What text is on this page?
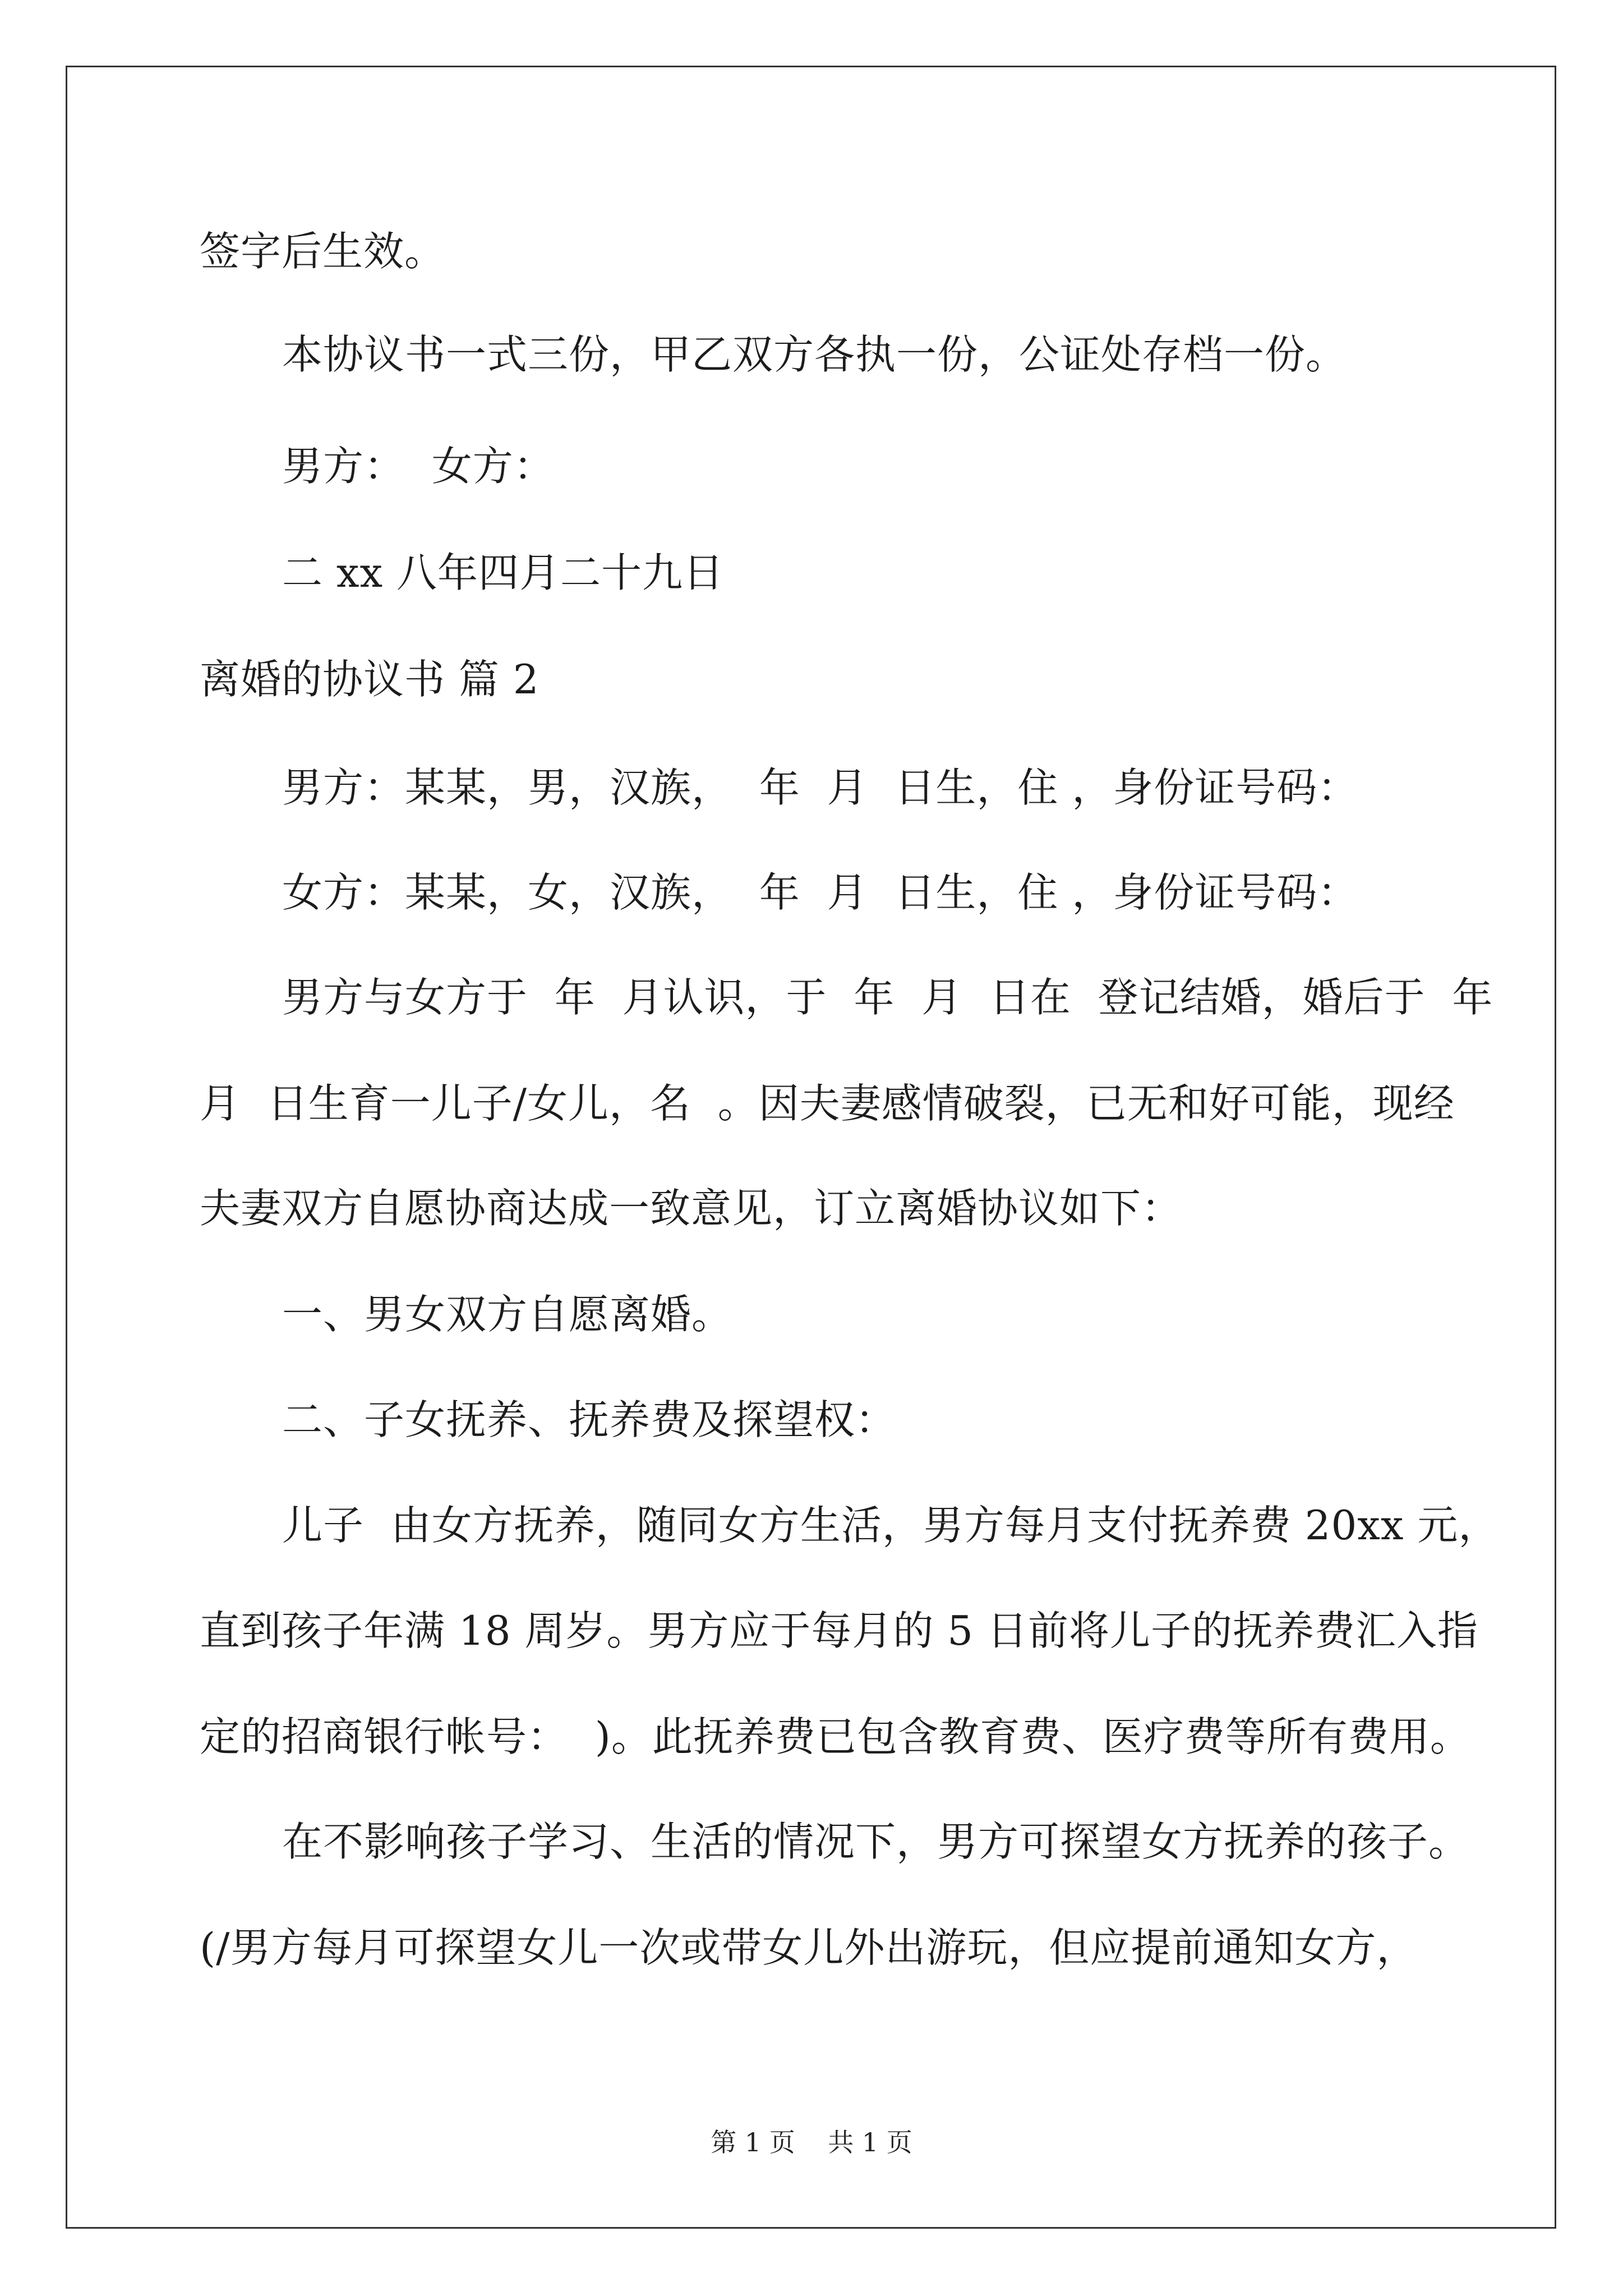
签字后生效。
本协议书一式三份，甲乙双方各执一份，公证处存档一份。
男方：  女方：
二 xx 八年四月二十九日
离婚的协议书 篇 2
男方：某某，男，汉族，  年  月  日生，住 ，身份证号码：
女方：某某，女，汉族，  年  月  日生，住 ，身份证号码：
男方与女方于  年  月认识，于  年  月  日在  登记结婚，婚后于  年
月  日生育一儿子/女儿，名  。因夫妻感情破裂，已无和好可能，现经
夫妻双方自愿协商达成一致意见，订立离婚协议如下：
一、男女双方自愿离婚。
二、子女抚养、抚养费及探望权：
儿子  由女方抚养，随同女方生活，男方每月支付抚养费 20xx 元，
直到孩子年满 18 周岁。男方应于每月的 5 日前将儿子的抚养费汇入指
定的招商银行帐号：  )。此抚养费已包含教育费、医疗费等所有费用。
在不影响孩子学习、生活的情况下，男方可探望女方抚养的孩子。
(/男方每月可探望女儿一次或带女儿外出游玩，但应提前通知女方，
第 1 页    共 1 页
